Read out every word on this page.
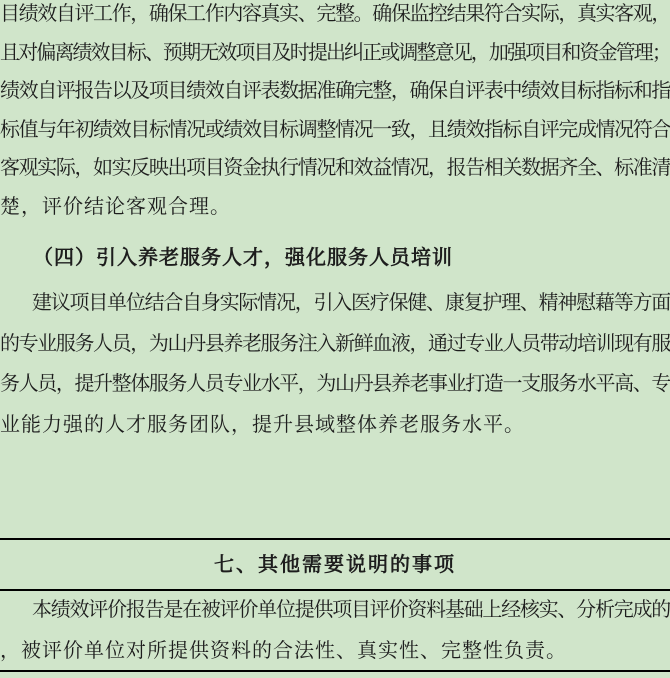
目绩效自评工作，确保工作内容真实、完整。确保监控结果符合实际，真实客观，
且对偏离绩效目标、预期无效项目及时提出纠正或调整意见，加强项目和资金管理；
绩效自评报告以及项目绩效自评表数据准确完整，确保自评表中绩效目标指标和指
标值与年初绩效目标情况或绩效目标调整情况一致，且绩效指标自评完成情况符合
客观实际，如实反映出项目资金执行情况和效益情况，报告相关数据齐全、标准清
楚，评价结论客观合理。
（四）引入养老服务人才，强化服务人员培训
建议项目单位结合自身实际情况，引入医疗保健、康复护理、精神慰藉等方面
的专业服务人员，为山丹县养老服务注入新鲜血液，通过专业人员带动培训现有服
务人员，提升整体服务人员专业水平，为山丹县养老事业打造一支服务水平高、专
业能力强的人才服务团队，提升县域整体养老服务水平。
七、其他需要说明的事项
本绩效评价报告是在被评价单位提供项目评价资料基础上经核实、分析完成的
，被评价单位对所提供资料的合法性、真实性、完整性负责。
